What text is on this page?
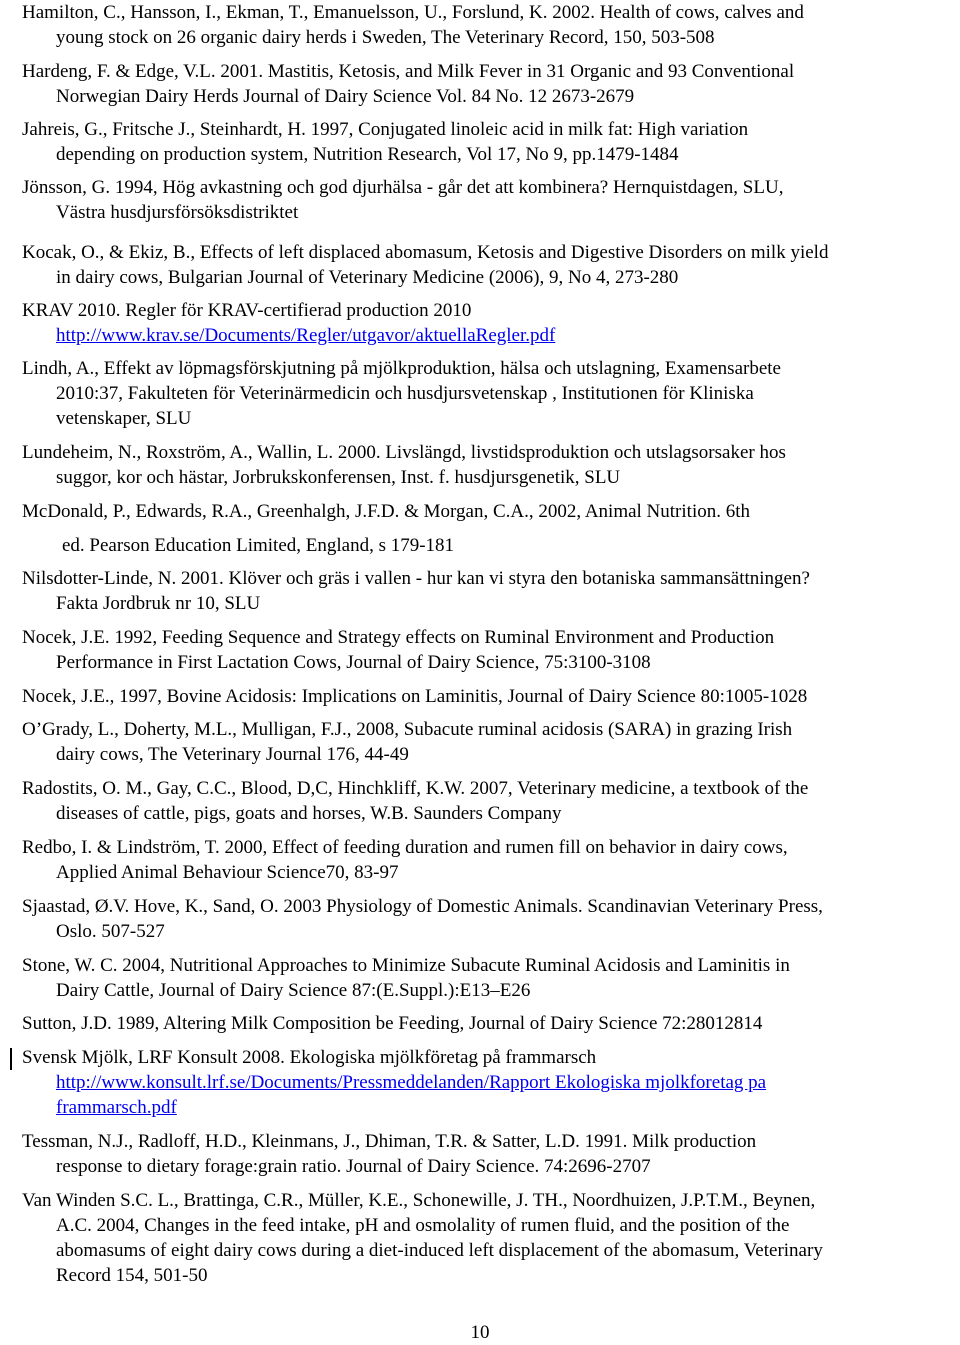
Hamilton, C., Hansson, I., Ekman, T., Emanuelsson, U., Forslund, K. 2002. Health of cows, calves and
young stock on 26 organic dairy herds i Sweden, The Veterinary Record, 150, 503-508
Hardeng, F. & Edge, V.L. 2001. Mastitis, Ketosis, and Milk Fever in 31 Organic and 93 Conventional
Norwegian Dairy Herds Journal of Dairy Science Vol. 84 No. 12 2673-2679
Jahreis, G., Fritsche J., Steinhardt, H. 1997, Conjugated linoleic acid in milk fat: High variation
depending on production system, Nutrition Research, Vol 17, No 9, pp.1479-1484
Jönsson, G. 1994, Hög avkastning och god djurhälsa - går det att kombinera? Hernquistdagen, SLU,
Västra husdjursförsöksdistriktet
Kocak, O., & Ekiz, B., Effects of left displaced abomasum, Ketosis and Digestive Disorders on milk yield
in dairy cows, Bulgarian Journal of Veterinary Medicine (2006), 9, No 4, 273-280
KRAV 2010. Regler för KRAV-certifierad production 2010
http://www.krav.se/Documents/Regler/utgavor/aktuellaRegler.pdf
Lindh, A., Effekt av löpmagsförskjutning på mjölkproduktion, hälsa och utslagning, Examensarbete
2010:37, Fakulteten för Veterinärmedicin och husdjursvetenskap , Institutionen för Kliniska
vetenskaper, SLU
Lundeheim, N., Roxström, A., Wallin, L. 2000. Livslängd, livstidsproduktion och utslagsorsaker hos
suggor, kor och hästar, Jorbrukskonferensen, Inst. f. husdjursgenetik, SLU
McDonald, P., Edwards, R.A., Greenhalgh, J.F.D. & Morgan, C.A., 2002, Animal Nutrition. 6th
ed. Pearson Education Limited, England, s 179-181
Nilsdotter-Linde, N. 2001. Klöver och gräs i vallen - hur kan vi styra den botaniska sammansättningen?
Fakta Jordbruk nr 10, SLU
Nocek, J.E. 1992, Feeding Sequence and Strategy effects on Ruminal Environment and Production
Performance in First Lactation Cows, Journal of Dairy Science, 75:3100-3108
Nocek, J.E., 1997, Bovine Acidosis: Implications on Laminitis, Journal of Dairy Science 80:1005-1028
O’Grady, L., Doherty, M.L., Mulligan, F.J., 2008, Subacute ruminal acidosis (SARA) in grazing Irish
dairy cows, The Veterinary Journal 176, 44-49
Radostits, O. M., Gay, C.C., Blood, D,C, Hinchkliff, K.W. 2007, Veterinary medicine, a textbook of the
diseases of cattle, pigs, goats and horses, W.B. Saunders Company
Redbo, I. & Lindström, T. 2000, Effect of feeding duration and rumen fill on behavior in dairy cows,
Applied Animal Behaviour Science70, 83-97
Sjaastad, Ø.V. Hove, K., Sand, O. 2003 Physiology of Domestic Animals. Scandinavian Veterinary Press,
Oslo. 507-527
Stone, W. C. 2004, Nutritional Approaches to Minimize Subacute Ruminal Acidosis and Laminitis in
Dairy Cattle, Journal of Dairy Science 87:(E.Suppl.):E13–E26
Sutton, J.D. 1989, Altering Milk Composition be Feeding, Journal of Dairy Science 72:28012814
Svensk Mjölk, LRF Konsult 2008. Ekologiska mjölkföretag på frammarsch
http://www.konsult.lrf.se/Documents/Pressmeddelanden/Rapport Ekologiska mjolkforetag pa
frammarsch.pdf
Tessman, N.J., Radloff, H.D., Kleinmans, J., Dhiman, T.R. & Satter, L.D. 1991. Milk production
response to dietary forage:grain ratio. Journal of Dairy Science. 74:2696-2707
Van Winden S.C. L., Brattinga, C.R., Müller, K.E., Schonewille, J. TH., Noordhuizen, J.P.T.M., Beynen,
A.C. 2004, Changes in the feed intake, pH and osmolality of rumen fluid, and the position of the
abomasums of eight dairy cows during a diet-induced left displacement of the abomasum, Veterinary
Record 154, 501-50
10
